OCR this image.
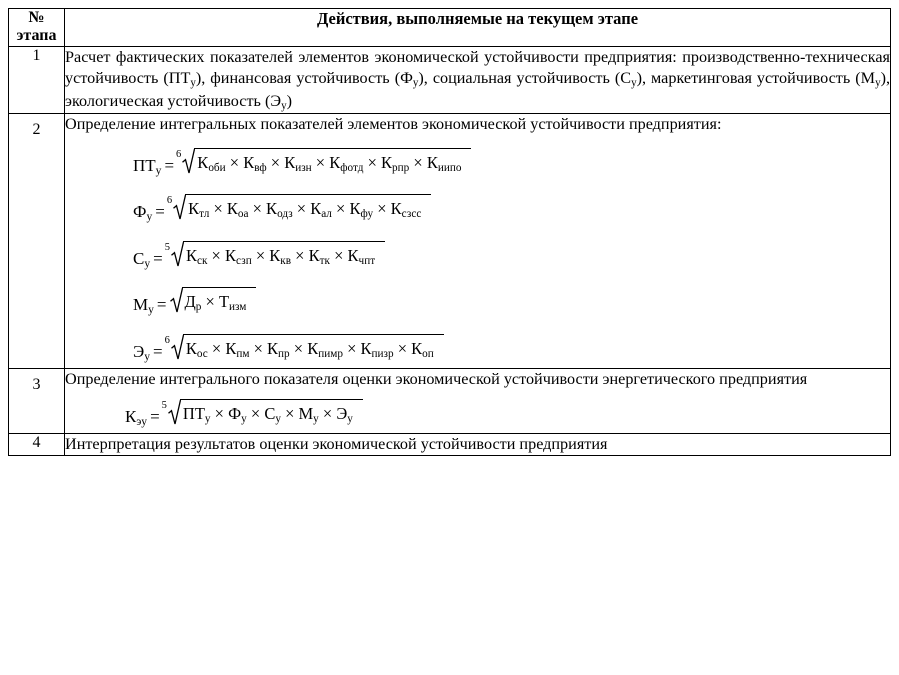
№
этапа	Действия, выполняемые на текущем этапе
1	Расчет фактических показателей элементов экономической устойчивости предприятия: производственно-техническая устойчивость $(ПТ_у)$, финансовая устойчивость $(Ф_у)$, социальная устойчивость $(С_у)$, маркетинговая устойчивость $(М_у)$, экологическая устойчивость $(Э_у)$
2	Определение интегральных показателей элементов экономической устойчивости предприятия:
$ПТ_у$ =
6 $К_{оби} \times К_{вф} \times К_{изн} \times К_{фотд} \times К_{рпр} \times К_{иипо}$
$Ф_у$ =
6 $К_{тл} \times К_{оа} \times К_{одз} \times К_{ал} \times К_{фу} \times К_{сзсс}$
$С_у$ =
5 $К_{ск} \times К_{сзп} \times К_{кв} \times К_{тк} \times К_{чпт}$
$М_у = Д_р \times Т_{изм}$
$Э_у$ =
6 $К_{ос} \times К_{пм} \times К_{пр} \times К_{пимр} \times К_{пизр} \times К_{оп}$

3	Определение интегрального показателя оценки экономической устойчивости энергетического предприятия
$К_{эу}$ =
5 $ПТ_у \times Ф_у \times С_у \times М_у \times Э_у$

4	Интерпретация результатов оценки экономической устойчивости предприятия
